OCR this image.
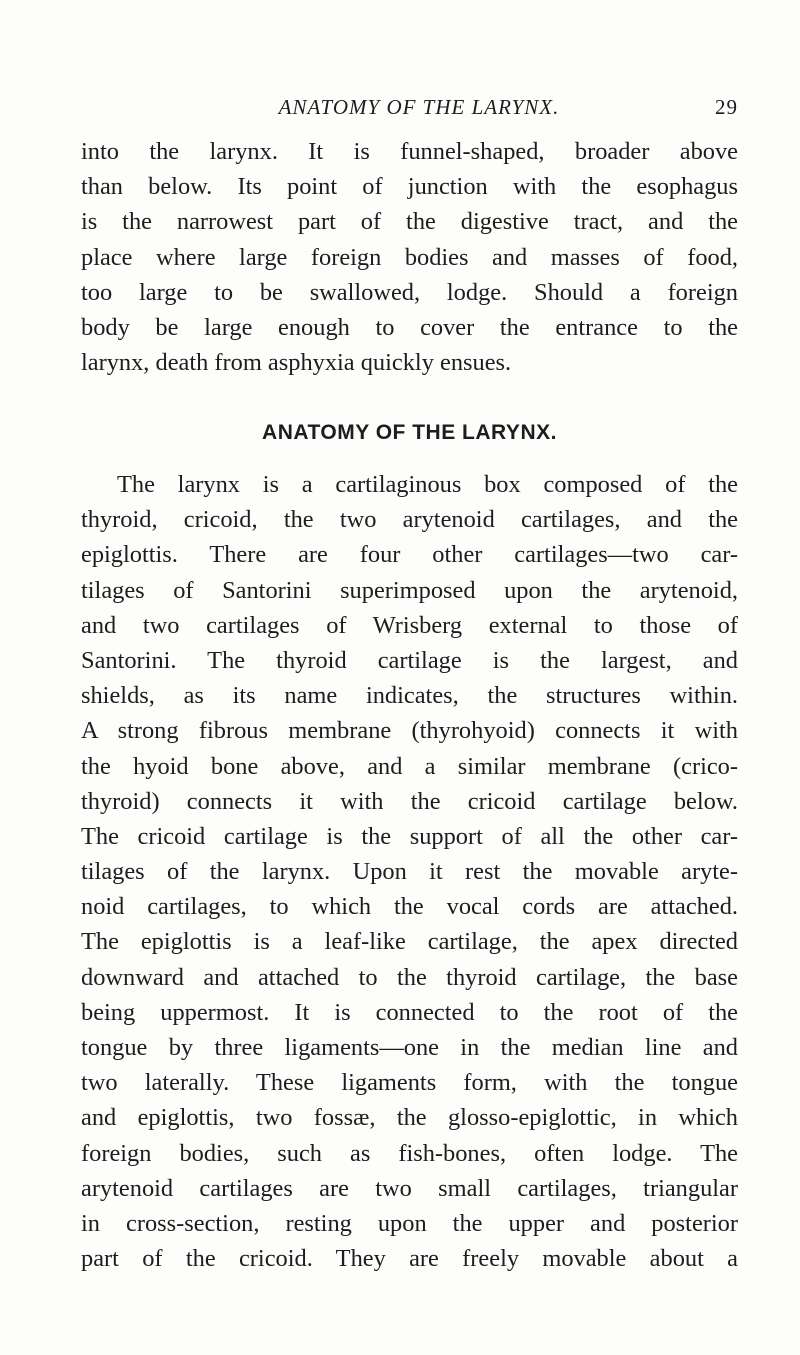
ANATOMY OF THE LARYNX.	29
into the larynx. It is funnel-shaped, broader above
than below. Its point of junction with the esophagus
is the narrowest part of the digestive tract, and the
place where large foreign bodies and masses of food,
too large to be swallowed, lodge. Should a foreign
body be large enough to cover the entrance to the
larynx, death from asphyxia quickly ensues.
ANATOMY OF THE LARYNX.
The larynx is a cartilaginous box composed of the
thyroid, cricoid, the two arytenoid cartilages, and the
epiglottis. There are four other cartilages—two car-
tilages of Santorini superimposed upon the arytenoid,
and two cartilages of Wrisberg external to those of
Santorini. The thyroid cartilage is the largest, and
shields, as its name indicates, the structures within.
A strong fibrous membrane (thyrohyoid) connects it with
the hyoid bone above, and a similar membrane (crico-
thyroid) connects it with the cricoid cartilage below.
The cricoid cartilage is the support of all the other car-
tilages of the larynx. Upon it rest the movable aryte-
noid cartilages, to which the vocal cords are attached.
The epiglottis is a leaf-like cartilage, the apex directed
downward and attached to the thyroid cartilage, the base
being uppermost. It is connected to the root of the
tongue by three ligaments—one in the median line and
two laterally. These ligaments form, with the tongue
and epiglottis, two fossæ, the glosso-epiglottic, in which
foreign bodies, such as fish-bones, often lodge. The
arytenoid cartilages are two small cartilages, triangular
in cross-section, resting upon the upper and posterior
part of the cricoid. They are freely movable about a
